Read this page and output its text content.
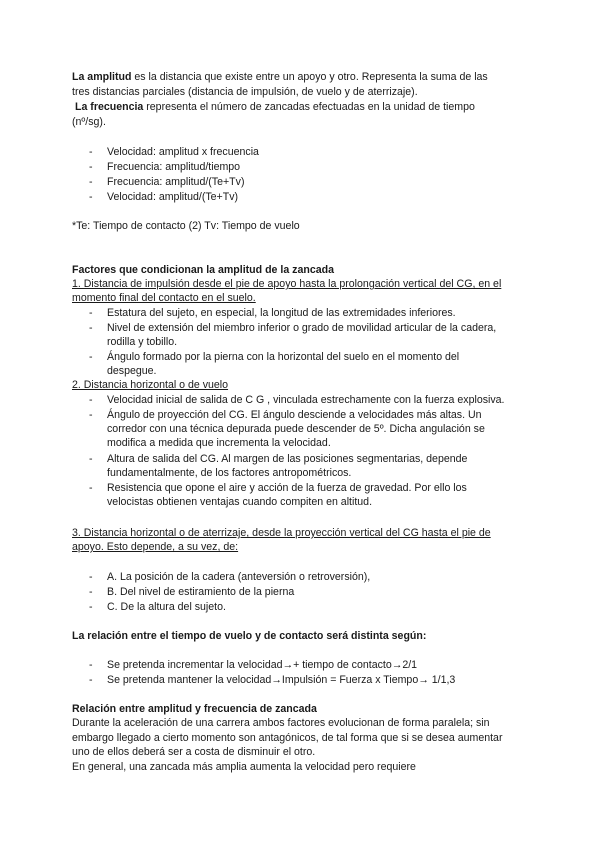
La amplitud es la distancia que existe entre un apoyo y otro. Representa la suma de las
tres distancias parciales (distancia de impulsión, de vuelo y de aterrizaje).
La frecuencia representa el número de zancadas efectuadas en la unidad de tiempo
(nº/sg).
- Velocidad: amplitud x frecuencia
- Frecuencia: amplitud/tiempo
- Frecuencia: amplitud/(Te+Tv)
- Velocidad: amplitud/(Te+Tv)
*Te: Tiempo de contacto (2) Tv: Tiempo de vuelo
Factores que condicionan la amplitud de la zancada
1. Distancia de impulsión desde el pie de apoyo hasta la prolongación vertical del CG, en el
momento final del contacto en el suelo.
- Estatura del sujeto, en especial, la longitud de las extremidades inferiores.
- Nivel de extensión del miembro inferior o grado de movilidad articular de la cadera,
rodilla y tobillo.
- Ángulo formado por la pierna con la horizontal del suelo en el momento del
despegue.
2. Distancia horizontal o de vuelo
- Velocidad inicial de salida de C G , vinculada estrechamente con la fuerza explosiva.
- Ángulo de proyección del CG. El ángulo desciende a velocidades más altas. Un
corredor con una técnica depurada puede descender de 5º. Dicha angulación se
modifica a medida que incrementa la velocidad.
- Altura de salida del CG. Al margen de las posiciones segmentarias, depende
fundamentalmente, de los factores antropométricos.
- Resistencia que opone el aire y acción de la fuerza de gravedad. Por ello los
velocistas obtienen ventajas cuando compiten en altitud.
3. Distancia horizontal o de aterrizaje, desde la proyección vertical del CG hasta el pie de
apoyo. Esto depende, a su vez, de:
- A. La posición de la cadera (anteversión o retroversión),
- B. Del nivel de estiramiento de la pierna
- C. De la altura del sujeto.
La relación entre el tiempo de vuelo y de contacto será distinta según:
- Se pretenda incrementar la velocidad→+ tiempo de contacto→2/1
- Se pretenda mantener la velocidad→Impulsión = Fuerza x Tiempo→ 1/1,3
Relación entre amplitud y frecuencia de zancada
Durante la aceleración de una carrera ambos factores evolucionan de forma paralela; sin
embargo llegado a cierto momento son antagónicos, de tal forma que si se desea aumentar
uno de ellos deberá ser a costa de disminuir el otro.
En general, una zancada más amplia aumenta la velocidad pero requiere
